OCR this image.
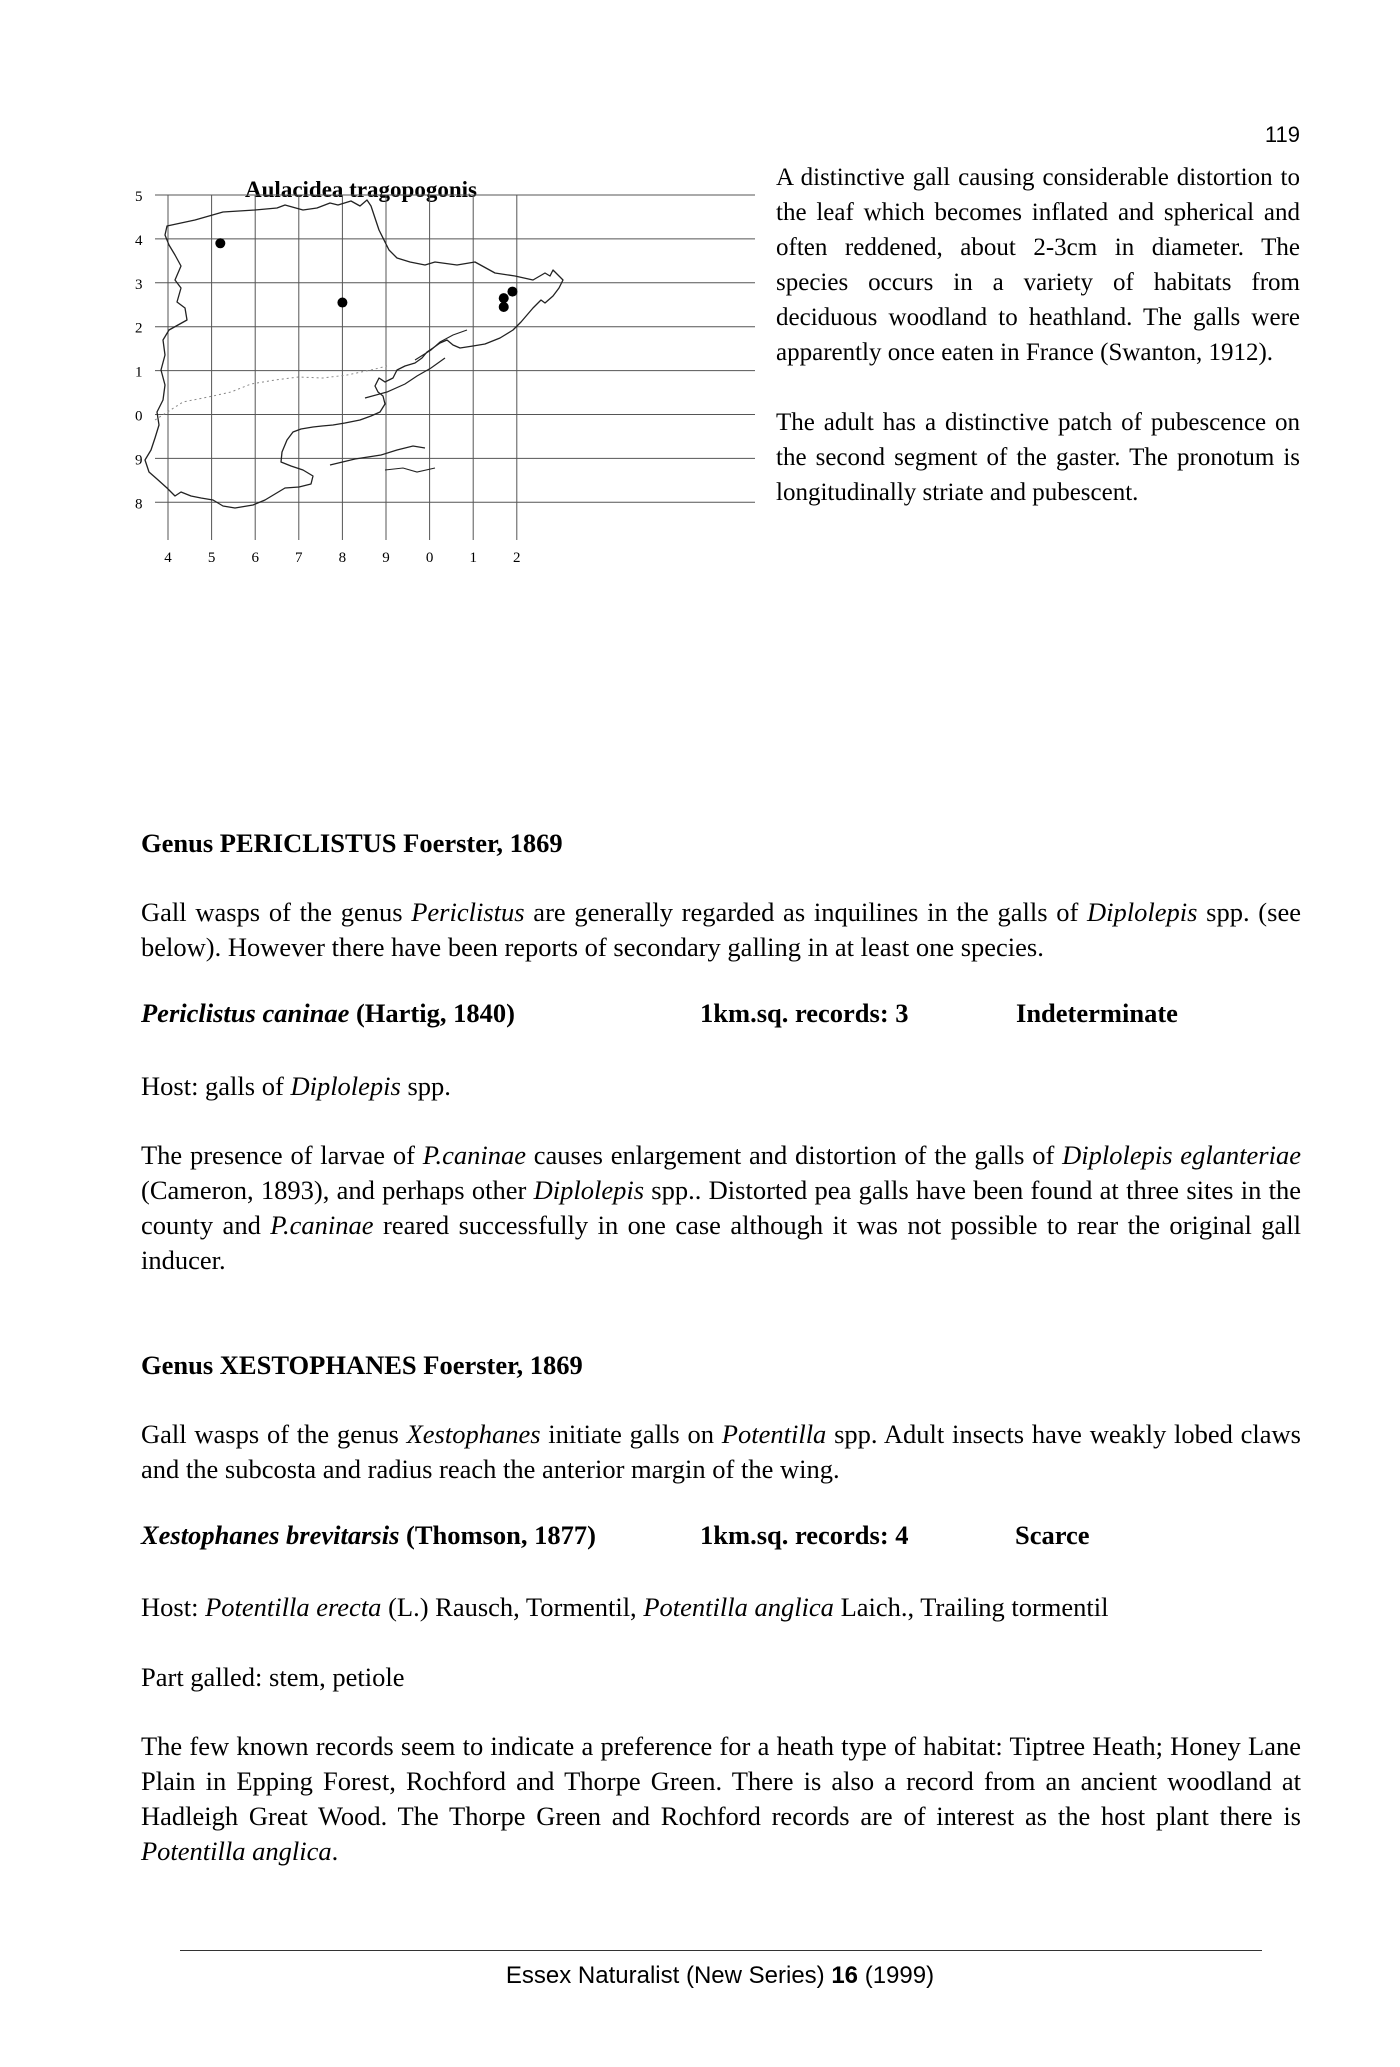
119
Aulacidea tragopogonis
5
4
3
2
1
0
9
8
4 5 6 7 8 9 0 1 2

A distinctive gall causing considerable distortion to the leaf which becomes inflated and spherical and often reddened, about 2-3cm in diameter. The species occurs in a variety of habitats from deciduous woodland to heathland. The galls were apparently once eaten in France (Swanton, 1912).

The adult has a distinctive patch of pubescence on the second segment of the gaster. The pronotum is longitudinally striate and pubescent.

Genus PERICLISTUS Foerster, 1869
Gall wasps of the genus Periclistus are generally regarded as inquilines in the galls of Diplolepis spp. (see below). However there have been reports of secondary galling in at least one species.
Periclistus caninae (Hartig, 1840)	1km.sq. records: 3	Indeterminate
Host: galls of Diplolepis spp.
The presence of larvae of P.caninae causes enlargement and distortion of the galls of Diplolepis eglanteriae (Cameron, 1893), and perhaps other Diplolepis spp.. Distorted pea galls have been found at three sites in the county and P.caninae reared successfully in one case although it was not possible to rear the original gall inducer.
Genus XESTOPHANES Foerster, 1869
Gall wasps of the genus Xestophanes initiate galls on Potentilla spp. Adult insects have weakly lobed claws and the subcosta and radius reach the anterior margin of the wing.
Xestophanes brevitarsis (Thomson, 1877)	1km.sq. records: 4	Scarce
Host: Potentilla erecta (L.) Rausch, Tormentil, Potentilla anglica Laich., Trailing tormentil
Part galled: stem, petiole
The few known records seem to indicate a preference for a heath type of habitat: Tiptree Heath; Honey Lane Plain in Epping Forest, Rochford and Thorpe Green. There is also a record from an ancient woodland at Hadleigh Great Wood. The Thorpe Green and Rochford records are of interest as the host plant there is Potentilla anglica.
Essex Naturalist (New Series) 16 (1999)
